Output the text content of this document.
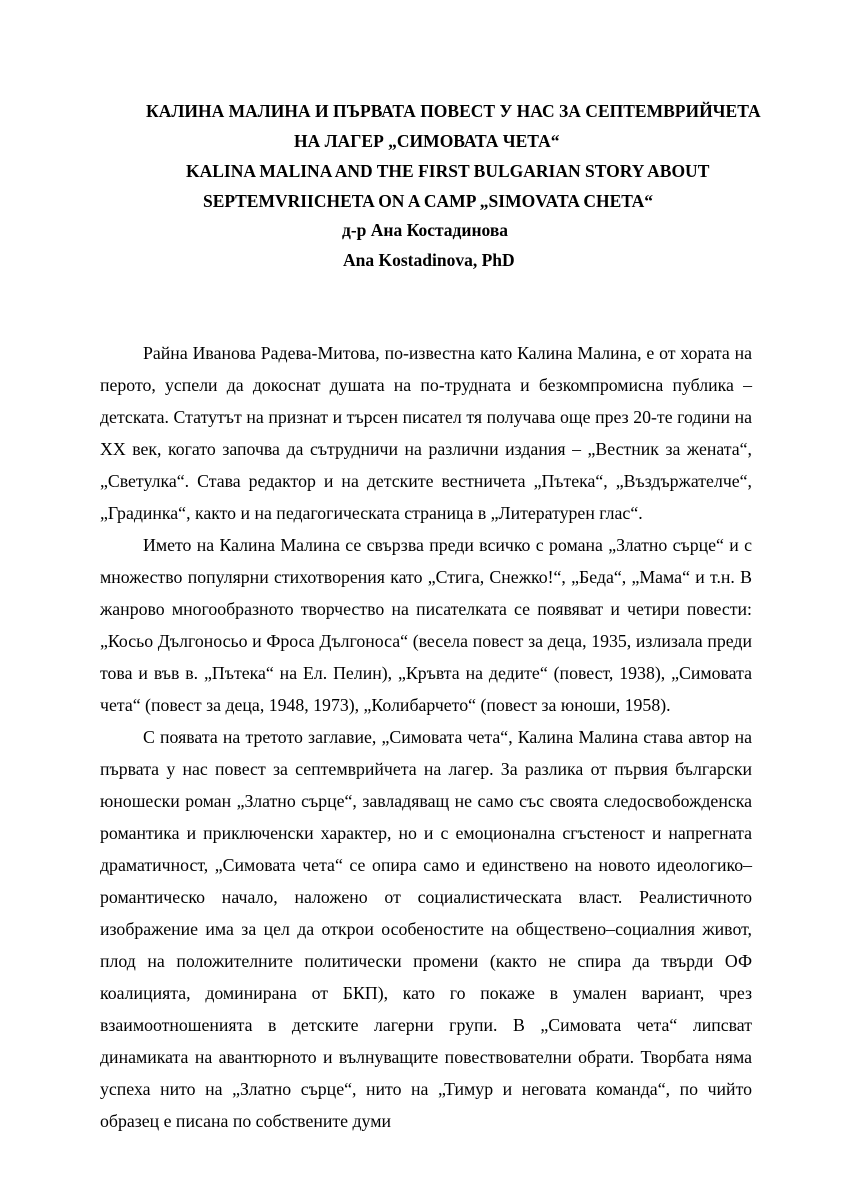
КАЛИНА МАЛИНА И ПЪРВАТА ПОВЕСТ У НАС ЗА СЕПТЕМВРИЙЧЕТА
НА ЛАГЕР „СИМОВАТА ЧЕТА“
KALINA MALINA AND THE FIRST BULGARIAN STORY ABOUT
SEPTEMVRIICHETA ON A CAMP „SIMOVATA CHETA“
д-р Ана Костадинова
Ana Kostadinova, PhD

Райна Иванова Радева-Митова, по-известна като Калина Малина, е от хората на перото, успели да докоснат душата на по-трудната и безкомпромисна публика – детската. Статутът на признат и търсен писател тя получава още през 20-те години на XX век, когато започва да сътрудничи на различни издания – „Вестник за жената“, „Светулка“. Става редактор и на детските вестничета „Пътека“, „Въздържателче“, „Градинка“, както и на педагогическата страница в „Литературен глас“.

Името на Калина Малина се свързва преди всичко с романа „Златно сърце“ и с множество популярни стихотворения като „Стига, Снежко!“, „Беда“, „Мама“ и т.н. В жанрово многообразното творчество на писателката се появяват и четири повести: „Косьо Дългоносьо и Фроса Дългоноса“ (весела повест за деца, 1935, излизала преди това и във в. „Пътека“ на Ел. Пелин), „Кръвта на дедите“ (повест, 1938), „Симовата чета“ (повест за деца, 1948, 1973), „Колибарчето“ (повест за юноши, 1958).

С появата на третото заглавие, „Симовата чета“, Калина Малина става автор на първата у нас повест за септемврийчета на лагер. За разлика от първия български юношески роман „Златно сърце“, завладяващ не само със своята следосвобожденска романтика и приключенски характер, но и с емоционална сгъстеност и напрегната драматичност, „Симовата чета“ се опира само и единствено на новото идеологико–романтическо начало, наложено от социалистическата власт. Реалистичното изображение има за цел да открои особеностите на обществено–социалния живот, плод на положителните политически промени (както не спира да твърди ОФ коалицията, доминирана от БКП), като го покаже в умален вариант, чрез взаимоотношенията в детските лагерни групи. В „Симовата чета“ липсват динамиката на авантюрното и вълнуващите повествователни обрати. Творбата няма успеха нито на „Златно сърце“, нито на „Тимур и неговата команда“, по чийто образец е писана по собствените думи
